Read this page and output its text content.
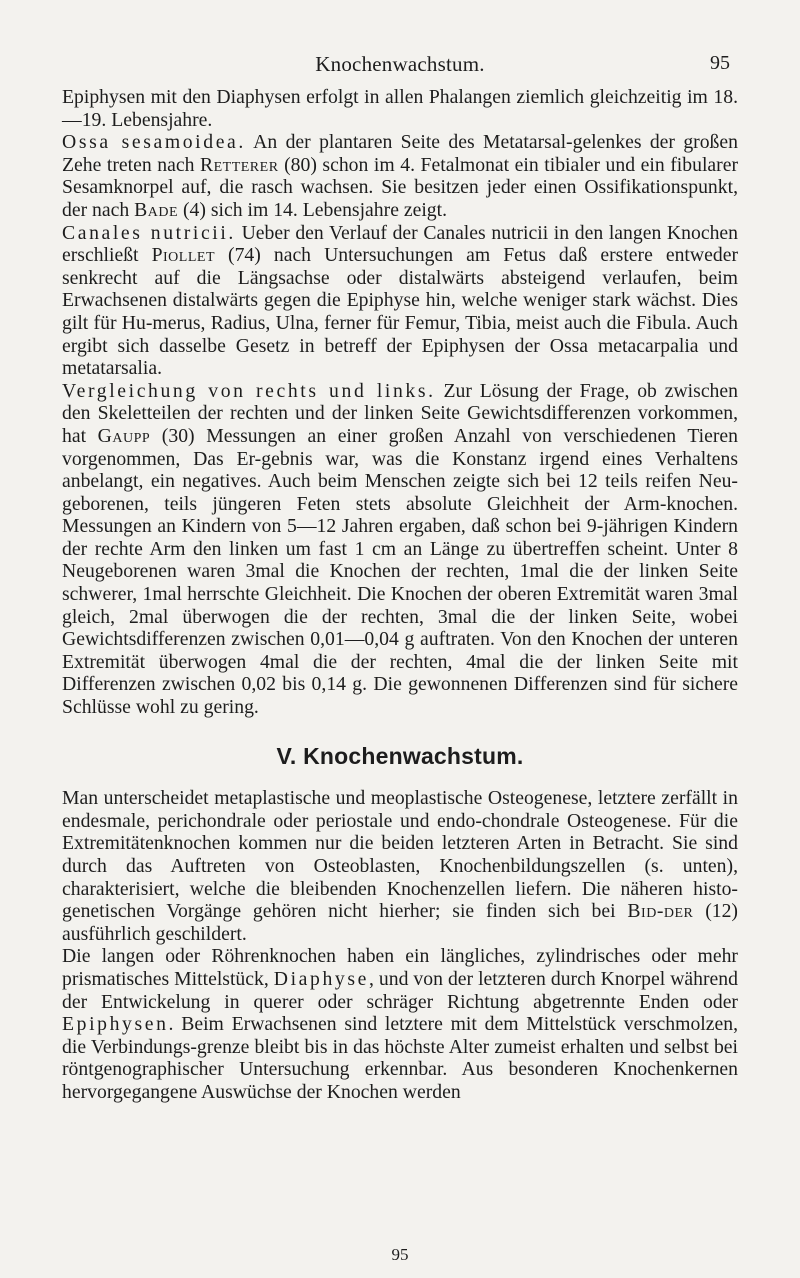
Knochenwachstum.	95

Epiphysen mit den Diaphysen erfolgt in allen Phalangen ziemlich gleichzeitig im 18.—19. Lebensjahre.

Ossa sesamoidea. An der plantaren Seite des Metatarsal-gelenkes der großen Zehe treten nach Retterer (80) schon im 4. Fetalmonat ein tibialer und ein fibularer Sesamknorpel auf, die rasch wachsen. Sie besitzen jeder einen Ossifikationspunkt, der nach Bade (4) sich im 14. Lebensjahre zeigt.

Canales nutricii. Ueber den Verlauf der Canales nutricii in den langen Knochen erschließt Piollet (74) nach Untersuchungen am Fetus daß erstere entweder senkrecht auf die Längsachse oder distalwärts absteigend verlaufen, beim Erwachsenen distalwärts gegen die Epiphyse hin, welche weniger stark wächst. Dies gilt für Hu-merus, Radius, Ulna, ferner für Femur, Tibia, meist auch die Fibula. Auch ergibt sich dasselbe Gesetz in betreff der Epiphysen der Ossa metacarpalia und metatarsalia.

Vergleichung von rechts und links. Zur Lösung der Frage, ob zwischen den Skeletteilen der rechten und der linken Seite Gewichtsdifferenzen vorkommen, hat Gaupp (30) Messungen an einer großen Anzahl von verschiedenen Tieren vorgenommen, Das Er-gebnis war, was die Konstanz irgend eines Verhaltens anbelangt, ein negatives. Auch beim Menschen zeigte sich bei 12 teils reifen Neu-geborenen, teils jüngeren Feten stets absolute Gleichheit der Arm-knochen. Messungen an Kindern von 5—12 Jahren ergaben, daß schon bei 9-jährigen Kindern der rechte Arm den linken um fast 1 cm an Länge zu übertreffen scheint. Unter 8 Neugeborenen waren 3mal die Knochen der rechten, 1mal die der linken Seite schwerer, 1mal herrschte Gleichheit. Die Knochen der oberen Extremität waren 3mal gleich, 2mal überwogen die der rechten, 3mal die der linken Seite, wobei Gewichtsdifferenzen zwischen 0,01—0,04 g auftraten. Von den Knochen der unteren Extremität überwogen 4mal die der rechten, 4mal die der linken Seite mit Differenzen zwischen 0,02 bis 0,14 g. Die gewonnenen Differenzen sind für sichere Schlüsse wohl zu gering.

V. Knochenwachstum.

Man unterscheidet metaplastische und meoplastische Osteogenese, letztere zerfällt in endesmale, perichondrale oder periostale und endo-chondrale Osteogenese. Für die Extremitätenknochen kommen nur die beiden letzteren Arten in Betracht. Sie sind durch das Auftreten von Osteoblasten, Knochenbildungszellen (s. unten), charakterisiert, welche die bleibenden Knochenzellen liefern. Die näheren histo-genetischen Vorgänge gehören nicht hierher; sie finden sich bei Bid-der (12) ausführlich geschildert.

Die langen oder Röhrenknochen haben ein längliches, zylindrisches oder mehr prismatisches Mittelstück, Diaphyse, und von der letzteren durch Knorpel während der Entwickelung in querer oder schräger Richtung abgetrennte Enden oder Epiphysen. Beim Erwachsenen sind letztere mit dem Mittelstück verschmolzen, die Verbindungs-grenze bleibt bis in das höchste Alter zumeist erhalten und selbst bei röntgenographischer Untersuchung erkennbar. Aus besonderen Knochenkernen hervorgegangene Auswüchse der Knochen werden

95
